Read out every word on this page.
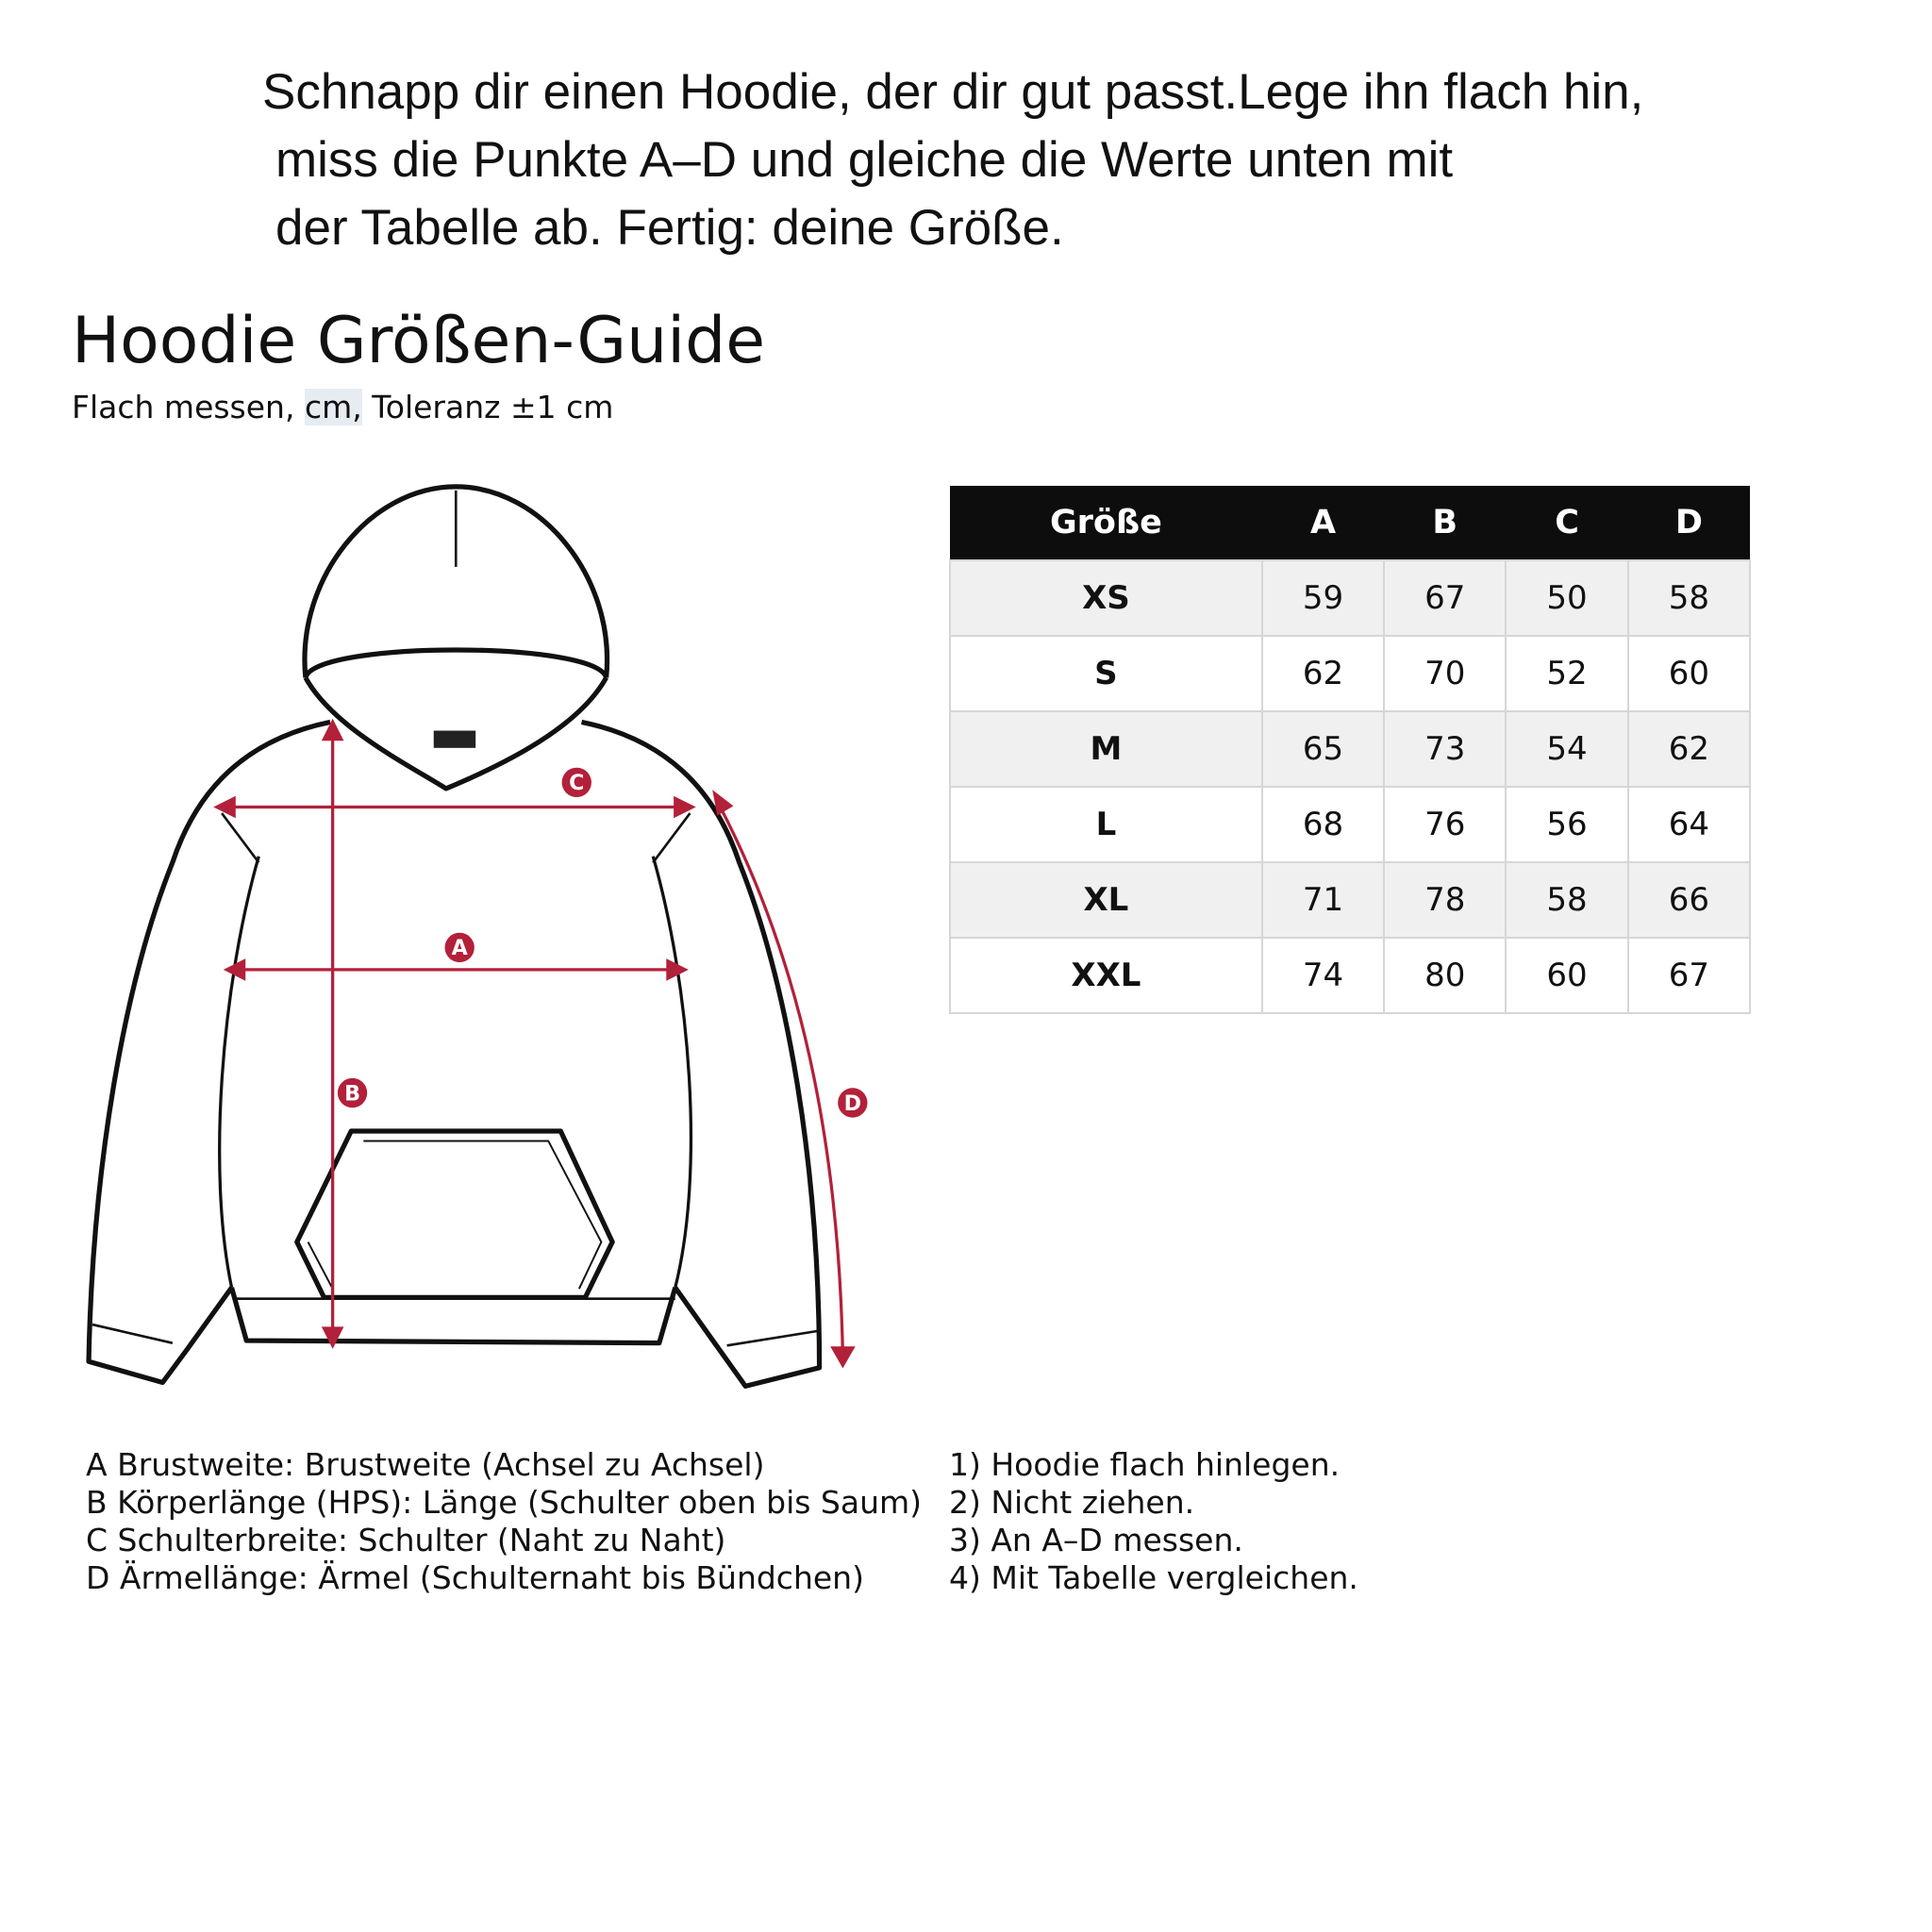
Schnapp dir einen Hoodie, der dir gut passt.Lege ihn flach hin,
miss die Punkte A–D und gleiche die Werte unten mit
der Tabelle ab. Fertig: deine Größe.
Hoodie Größen-Guide
Flach messen, cm, Toleranz ±1 cm
C
A
B	D
Größe	A	B	C	D
XS	59	67	50	58
S	62	70	52	60
M	65	73	54	62
L	68	76	56	64
XL	71	78	58	66
XXL	74	80	60	67
A Brustweite: Brustweite (Achsel zu Achsel)
B Körperlänge (HPS): Länge (Schulter oben bis Saum)
C Schulterbreite: Schulter (Naht zu Naht)
D Ärmellänge: Ärmel (Schulternaht bis Bündchen)
1) Hoodie flach hinlegen.
2) Nicht ziehen.
3) An A–D messen.
4) Mit Tabelle vergleichen.
